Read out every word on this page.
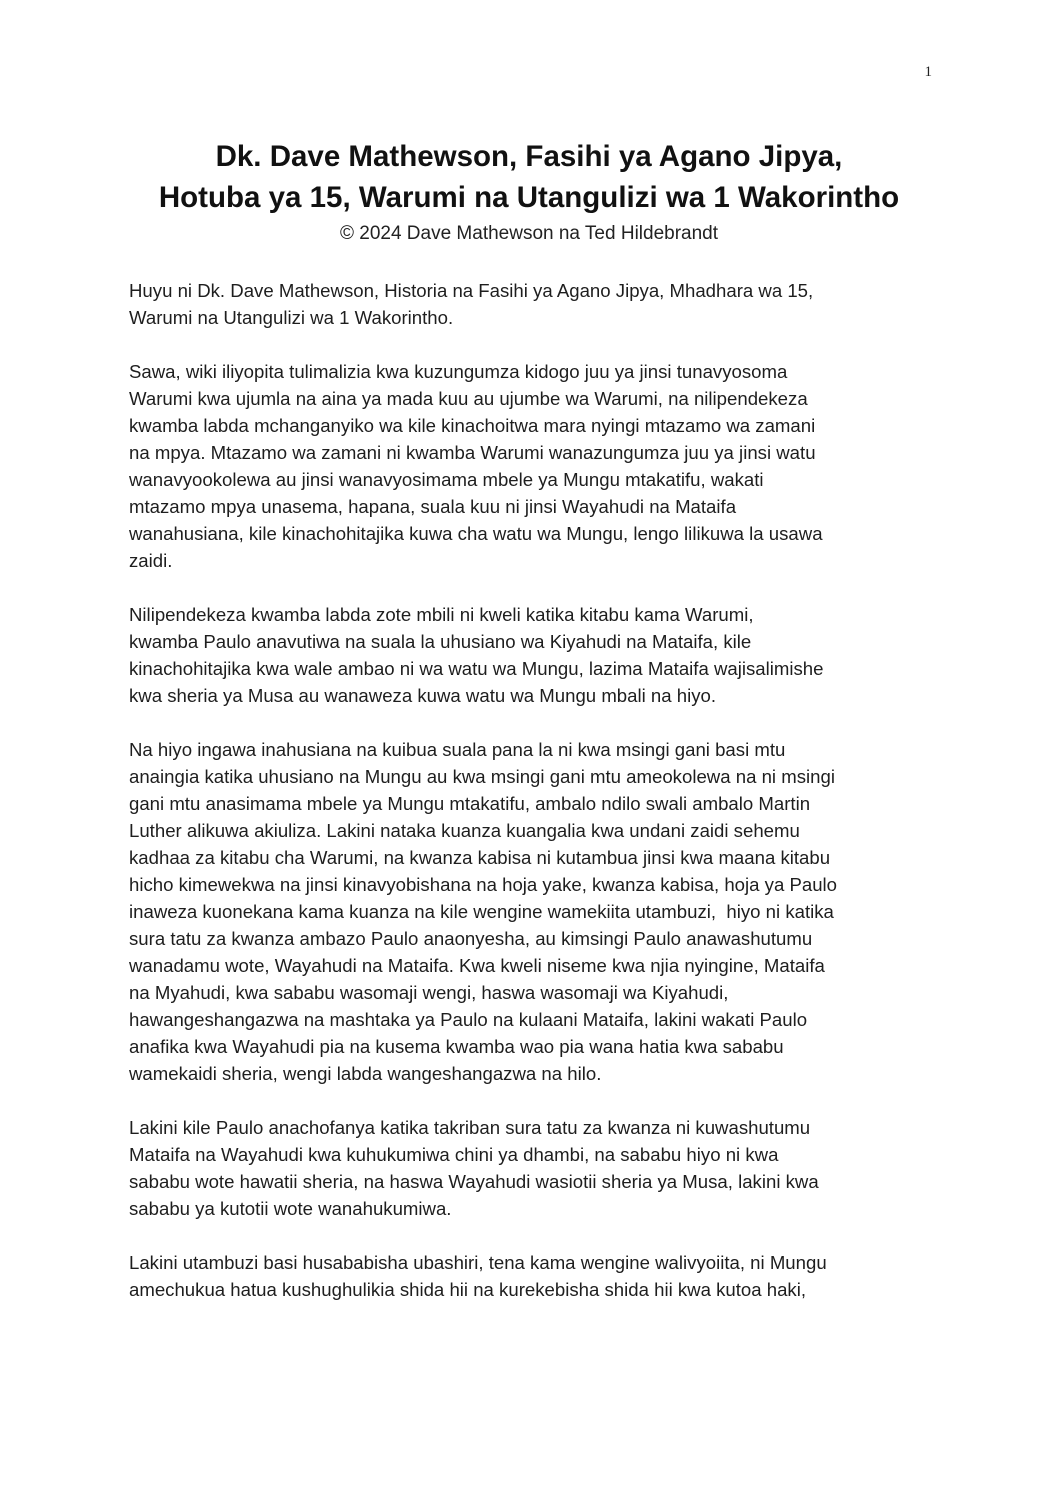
1
Dk. Dave Mathewson, Fasihi ya Agano Jipya,
Hotuba ya 15, Warumi na Utangulizi wa 1 Wakorintho
© 2024 Dave Mathewson na Ted Hildebrandt
Huyu ni Dk. Dave Mathewson, Historia na Fasihi ya Agano Jipya, Mhadhara wa 15,
Warumi na Utangulizi wa 1 Wakorintho.
Sawa, wiki iliyopita tulimalizia kwa kuzungumza kidogo juu ya jinsi tunavyosoma
Warumi kwa ujumla na aina ya mada kuu au ujumbe wa Warumi, na nilipendekeza
kwamba labda mchanganyiko wa kile kinachoitwa mara nyingi mtazamo wa zamani
na mpya. Mtazamo wa zamani ni kwamba Warumi wanazungumza juu ya jinsi watu
wanavyookolewa au jinsi wanavyosimama mbele ya Mungu mtakatifu, wakati
mtazamo mpya unasema, hapana, suala kuu ni jinsi Wayahudi na Mataifa
wanahusiana, kile kinachohitajika kuwa cha watu wa Mungu, lengo lilikuwa la usawa
zaidi.
Nilipendekeza kwamba labda zote mbili ni kweli katika kitabu kama Warumi,
kwamba Paulo anavutiwa na suala la uhusiano wa Kiyahudi na Mataifa, kile
kinachohitajika kwa wale ambao ni wa watu wa Mungu, lazima Mataifa wajisalimishe
kwa sheria ya Musa au wanaweza kuwa watu wa Mungu mbali na hiyo.
Na hiyo ingawa inahusiana na kuibua suala pana la ni kwa msingi gani basi mtu
anaingia katika uhusiano na Mungu au kwa msingi gani mtu ameokolewa na ni msingi
gani mtu anasimama mbele ya Mungu mtakatifu, ambalo ndilo swali ambalo Martin
Luther alikuwa akiuliza. Lakini nataka kuanza kuangalia kwa undani zaidi sehemu
kadhaa za kitabu cha Warumi, na kwanza kabisa ni kutambua jinsi kwa maana kitabu
hicho kimewekwa na jinsi kinavyobishana na hoja yake, kwanza kabisa, hoja ya Paulo
inaweza kuonekana kama kuanza na kile wengine wamekiita utambuzi,  hiyo ni katika
sura tatu za kwanza ambazo Paulo anaonyesha, au kimsingi Paulo anawashutumu
wanadamu wote, Wayahudi na Mataifa. Kwa kweli niseme kwa njia nyingine, Mataifa
na Myahudi, kwa sababu wasomaji wengi, haswa wasomaji wa Kiyahudi,
hawangeshangazwa na mashtaka ya Paulo na kulaani Mataifa, lakini wakati Paulo
anafika kwa Wayahudi pia na kusema kwamba wao pia wana hatia kwa sababu
wamekaidi sheria, wengi labda wangeshangazwa na hilo.
Lakini kile Paulo anachofanya katika takriban sura tatu za kwanza ni kuwashutumu
Mataifa na Wayahudi kwa kuhukumiwa chini ya dhambi, na sababu hiyo ni kwa
sababu wote hawatii sheria, na haswa Wayahudi wasiotii sheria ya Musa, lakini kwa
sababu ya kutotii wote wanahukumiwa.
Lakini utambuzi basi husababisha ubashiri, tena kama wengine walivyoiita, ni Mungu
amechukua hatua kushughulikia shida hii na kurekebisha shida hii kwa kutoa haki,
